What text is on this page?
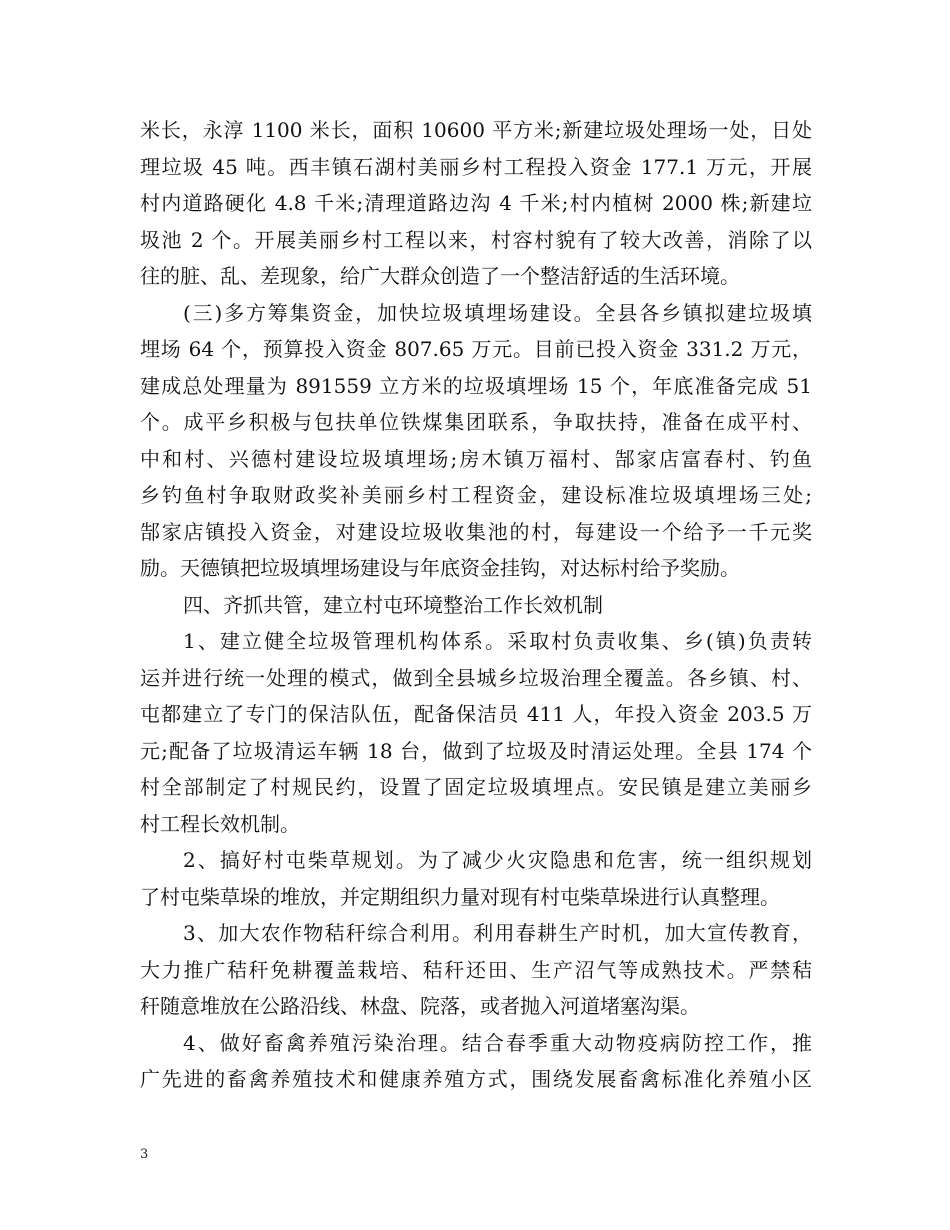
米长，永淳 1100 米长，面积 10600 平方米;新建垃圾处理场一处，日处
理垃圾 45 吨。西丰镇石湖村美丽乡村工程投入资金 177.1 万元，开展
村内道路硬化 4.8 千米;清理道路边沟 4 千米;村内植树 2000 株;新建垃
圾池 2 个。开展美丽乡村工程以来，村容村貌有了较大改善，消除了以
往的脏、乱、差现象，给广大群众创造了一个整洁舒适的生活环境。
(三)多方筹集资金，加快垃圾填埋场建设。全县各乡镇拟建垃圾填
埋场 64 个，预算投入资金 807.65 万元。目前已投入资金 331.2 万元，
建成总处理量为 891559 立方米的垃圾填埋场 15 个，年底准备完成 51
个。成平乡积极与包扶单位铁煤集团联系，争取扶持，准备在成平村、
中和村、兴德村建设垃圾填埋场;房木镇万福村、郜家店富春村、钓鱼
乡钓鱼村争取财政奖补美丽乡村工程资金，建设标准垃圾填埋场三处;
郜家店镇投入资金，对建设垃圾收集池的村，每建设一个给予一千元奖
励。天德镇把垃圾填埋场建设与年底资金挂钩，对达标村给予奖励。
四、齐抓共管，建立村屯环境整治工作长效机制
1、建立健全垃圾管理机构体系。采取村负责收集、乡(镇)负责转
运并进行统一处理的模式，做到全县城乡垃圾治理全覆盖。各乡镇、村、
屯都建立了专门的保洁队伍，配备保洁员 411 人，年投入资金 203.5 万
元;配备了垃圾清运车辆 18 台，做到了垃圾及时清运处理。全县 174 个
村全部制定了村规民约，设置了固定垃圾填埋点。安民镇是建立美丽乡
村工程长效机制。
2、搞好村屯柴草规划。为了减少火灾隐患和危害，统一组织规划
了村屯柴草垛的堆放，并定期组织力量对现有村屯柴草垛进行认真整理。
3、加大农作物秸秆综合利用。利用春耕生产时机，加大宣传教育，
大力推广秸秆免耕覆盖栽培、秸秆还田、生产沼气等成熟技术。严禁秸
秆随意堆放在公路沿线、林盘、院落，或者抛入河道堵塞沟渠。
4、做好畜禽养殖污染治理。结合春季重大动物疫病防控工作，推
广先进的畜禽养殖技术和健康养殖方式，围绕发展畜禽标准化养殖小区
3
